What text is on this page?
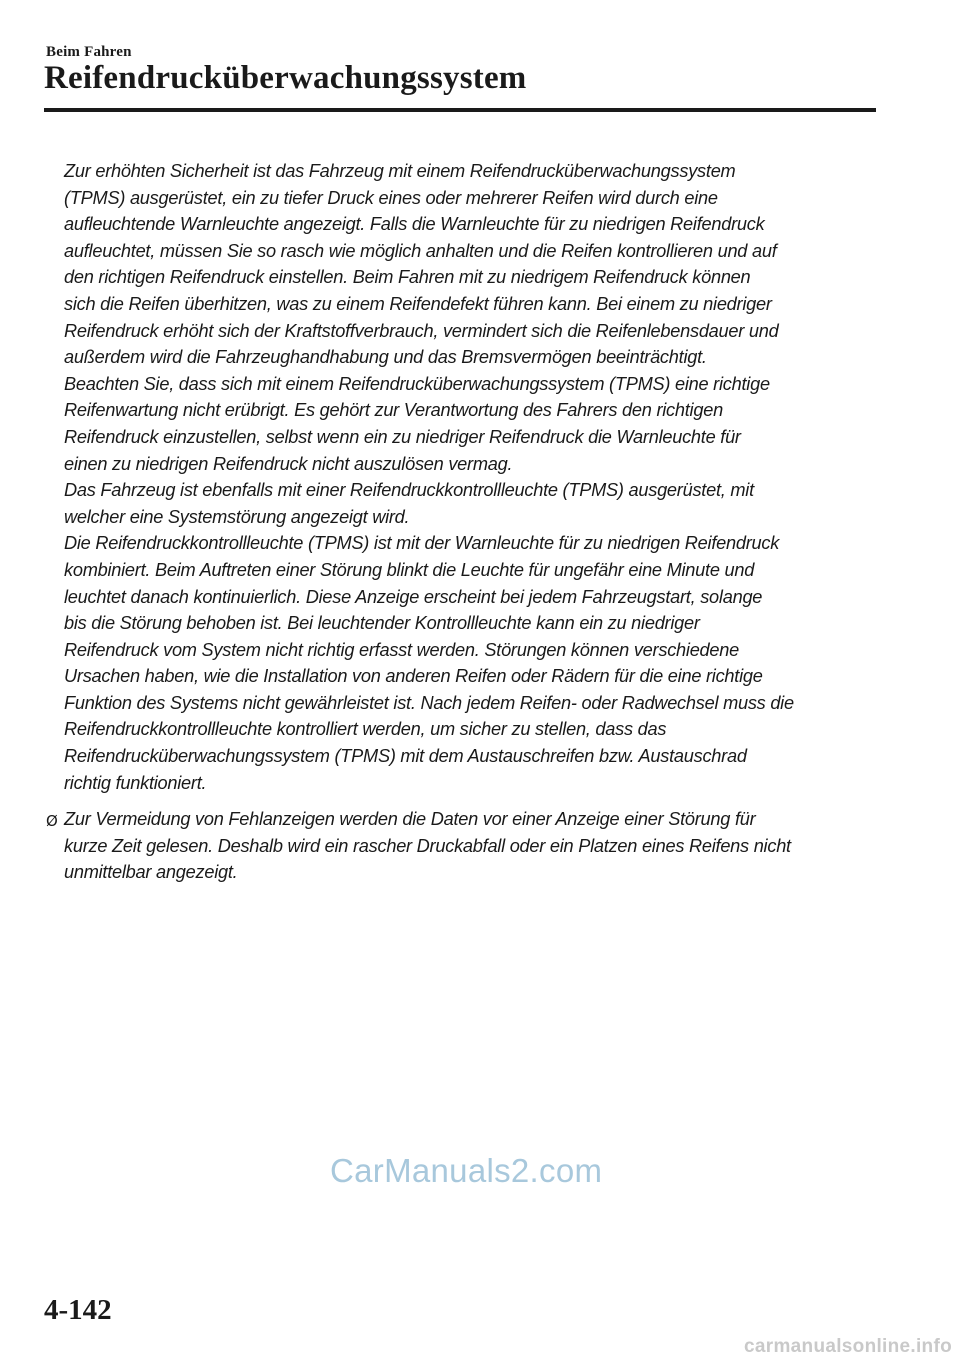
Beim Fahren
Reifendrucküberwachungssystem
Zur erhöhten Sicherheit ist das Fahrzeug mit einem Reifendrucküberwachungssystem
(TPMS) ausgerüstet, ein zu tiefer Druck eines oder mehrerer Reifen wird durch eine
aufleuchtende Warnleuchte angezeigt. Falls die Warnleuchte für zu niedrigen Reifendruck
aufleuchtet, müssen Sie so rasch wie möglich anhalten und die Reifen kontrollieren und auf
den richtigen Reifendruck einstellen. Beim Fahren mit zu niedrigem Reifendruck können
sich die Reifen überhitzen, was zu einem Reifendefekt führen kann. Bei einem zu niedriger
Reifendruck erhöht sich der Kraftstoffverbrauch, vermindert sich die Reifenlebensdauer und
außerdem wird die Fahrzeughandhabung und das Bremsvermögen beeinträchtigt.
Beachten Sie, dass sich mit einem Reifendrucküberwachungssystem (TPMS) eine richtige
Reifenwartung nicht erübrigt. Es gehört zur Verantwortung des Fahrers den richtigen
Reifendruck einzustellen, selbst wenn ein zu niedriger Reifendruck die Warnleuchte für
einen zu niedrigen Reifendruck nicht auszulösen vermag.
Das Fahrzeug ist ebenfalls mit einer Reifendruckkontrollleuchte (TPMS) ausgerüstet, mit
welcher eine Systemstörung angezeigt wird.
Die Reifendruckkontrollleuchte (TPMS) ist mit der Warnleuchte für zu niedrigen Reifendruck
kombiniert. Beim Auftreten einer Störung blinkt die Leuchte für ungefähr eine Minute und
leuchtet danach kontinuierlich. Diese Anzeige erscheint bei jedem Fahrzeugstart, solange
bis die Störung behoben ist. Bei leuchtender Kontrollleuchte kann ein zu niedriger
Reifendruck vom System nicht richtig erfasst werden. Störungen können verschiedene
Ursachen haben, wie die Installation von anderen Reifen oder Rädern für die eine richtige
Funktion des Systems nicht gewährleistet ist. Nach jedem Reifen- oder Radwechsel muss die
Reifendruckkontrollleuchte kontrolliert werden, um sicher zu stellen, dass das
Reifendrucküberwachungssystem (TPMS) mit dem Austauschreifen bzw. Austauschrad
richtig funktioniert.
Ø Zur Vermeidung von Fehlanzeigen werden die Daten vor einer Anzeige einer Störung für
kurze Zeit gelesen. Deshalb wird ein rascher Druckabfall oder ein Platzen eines Reifens nicht
unmittelbar angezeigt.
CarManuals2.com
4-142
carmanualsonline.info
